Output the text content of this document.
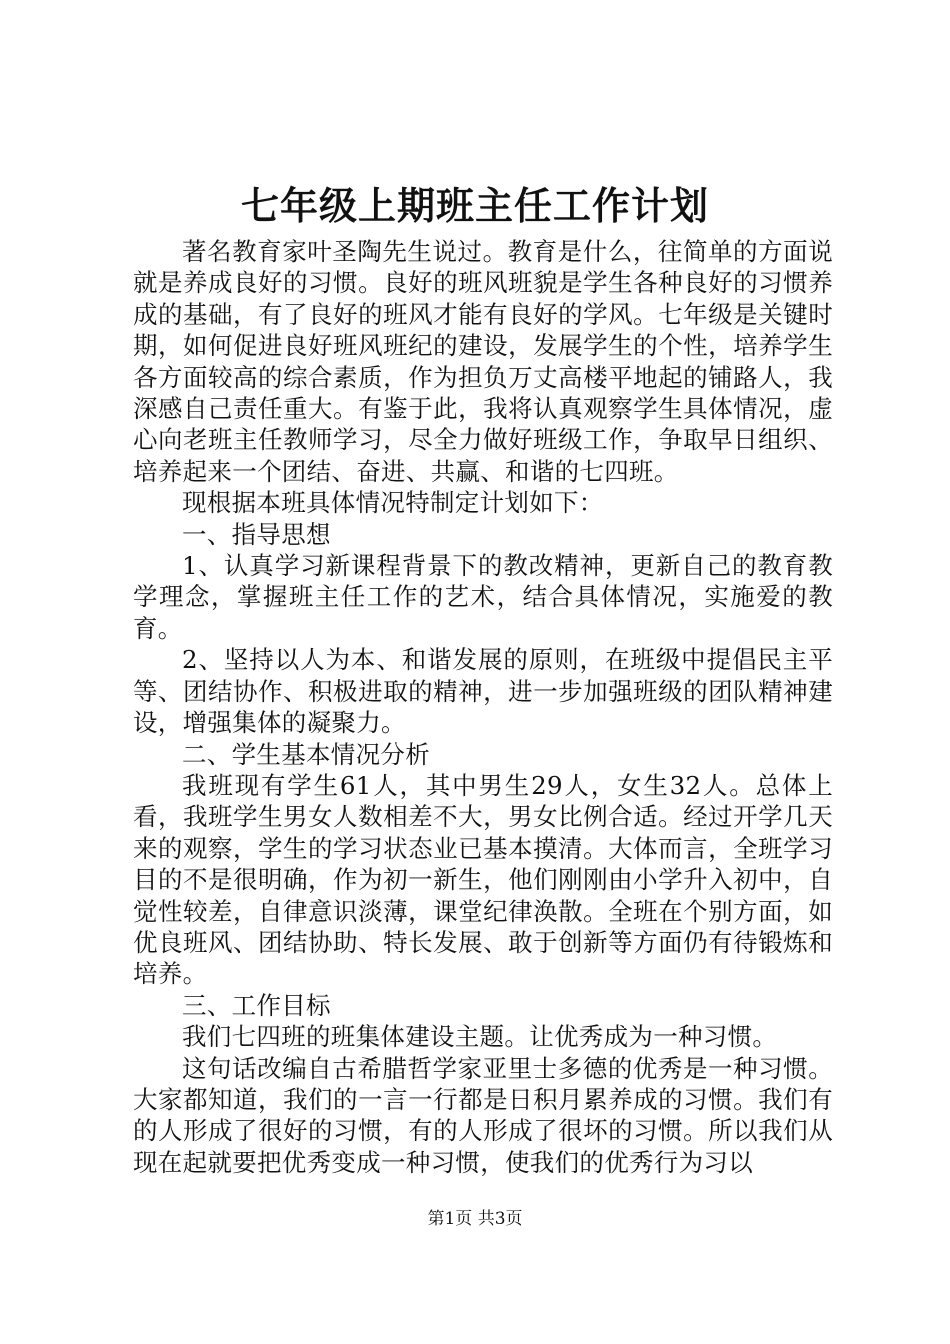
七年级上期班主任工作计划

著名教育家叶圣陶先生说过。教育是什么，往简单的方面说就是养成良好的习惯。良好的班风班貌是学生各种良好的习惯养成的基础，有了良好的班风才能有良好的学风。七年级是关键时期，如何促进良好班风班纪的建设，发展学生的个性，培养学生各方面较高的综合素质，作为担负万丈高楼平地起的铺路人，我深感自己责任重大。有鉴于此，我将认真观察学生具体情况，虚心向老班主任教师学习，尽全力做好班级工作，争取早日组织、培养起来一个团结、奋进、共赢、和谐的七四班。

现根据本班具体情况特制定计划如下：

一、指导思想

1、认真学习新课程背景下的教改精神，更新自己的教育教学理念，掌握班主任工作的艺术，结合具体情况，实施爱的教育。

2、坚持以人为本、和谐发展的原则，在班级中提倡民主平等、团结协作、积极进取的精神，进一步加强班级的团队精神建设，增强集体的凝聚力。

二、学生基本情况分析

我班现有学生61人，其中男生29人，女生32人。总体上看，我班学生男女人数相差不大，男女比例合适。经过开学几天来的观察，学生的学习状态业已基本摸清。大体而言，全班学习目的不是很明确，作为初一新生，他们刚刚由小学升入初中，自觉性较差，自律意识淡薄，课堂纪律涣散。全班在个别方面，如优良班风、团结协助、特长发展、敢于创新等方面仍有待锻炼和培养。

三、工作目标

我们七四班的班集体建设主题。让优秀成为一种习惯。

这句话改编自古希腊哲学家亚里士多德的优秀是一种习惯。大家都知道，我们的一言一行都是日积月累养成的习惯。我们有的人形成了很好的习惯，有的人形成了很坏的习惯。所以我们从现在起就要把优秀变成一种习惯，使我们的优秀行为习以

第1页 共3页
